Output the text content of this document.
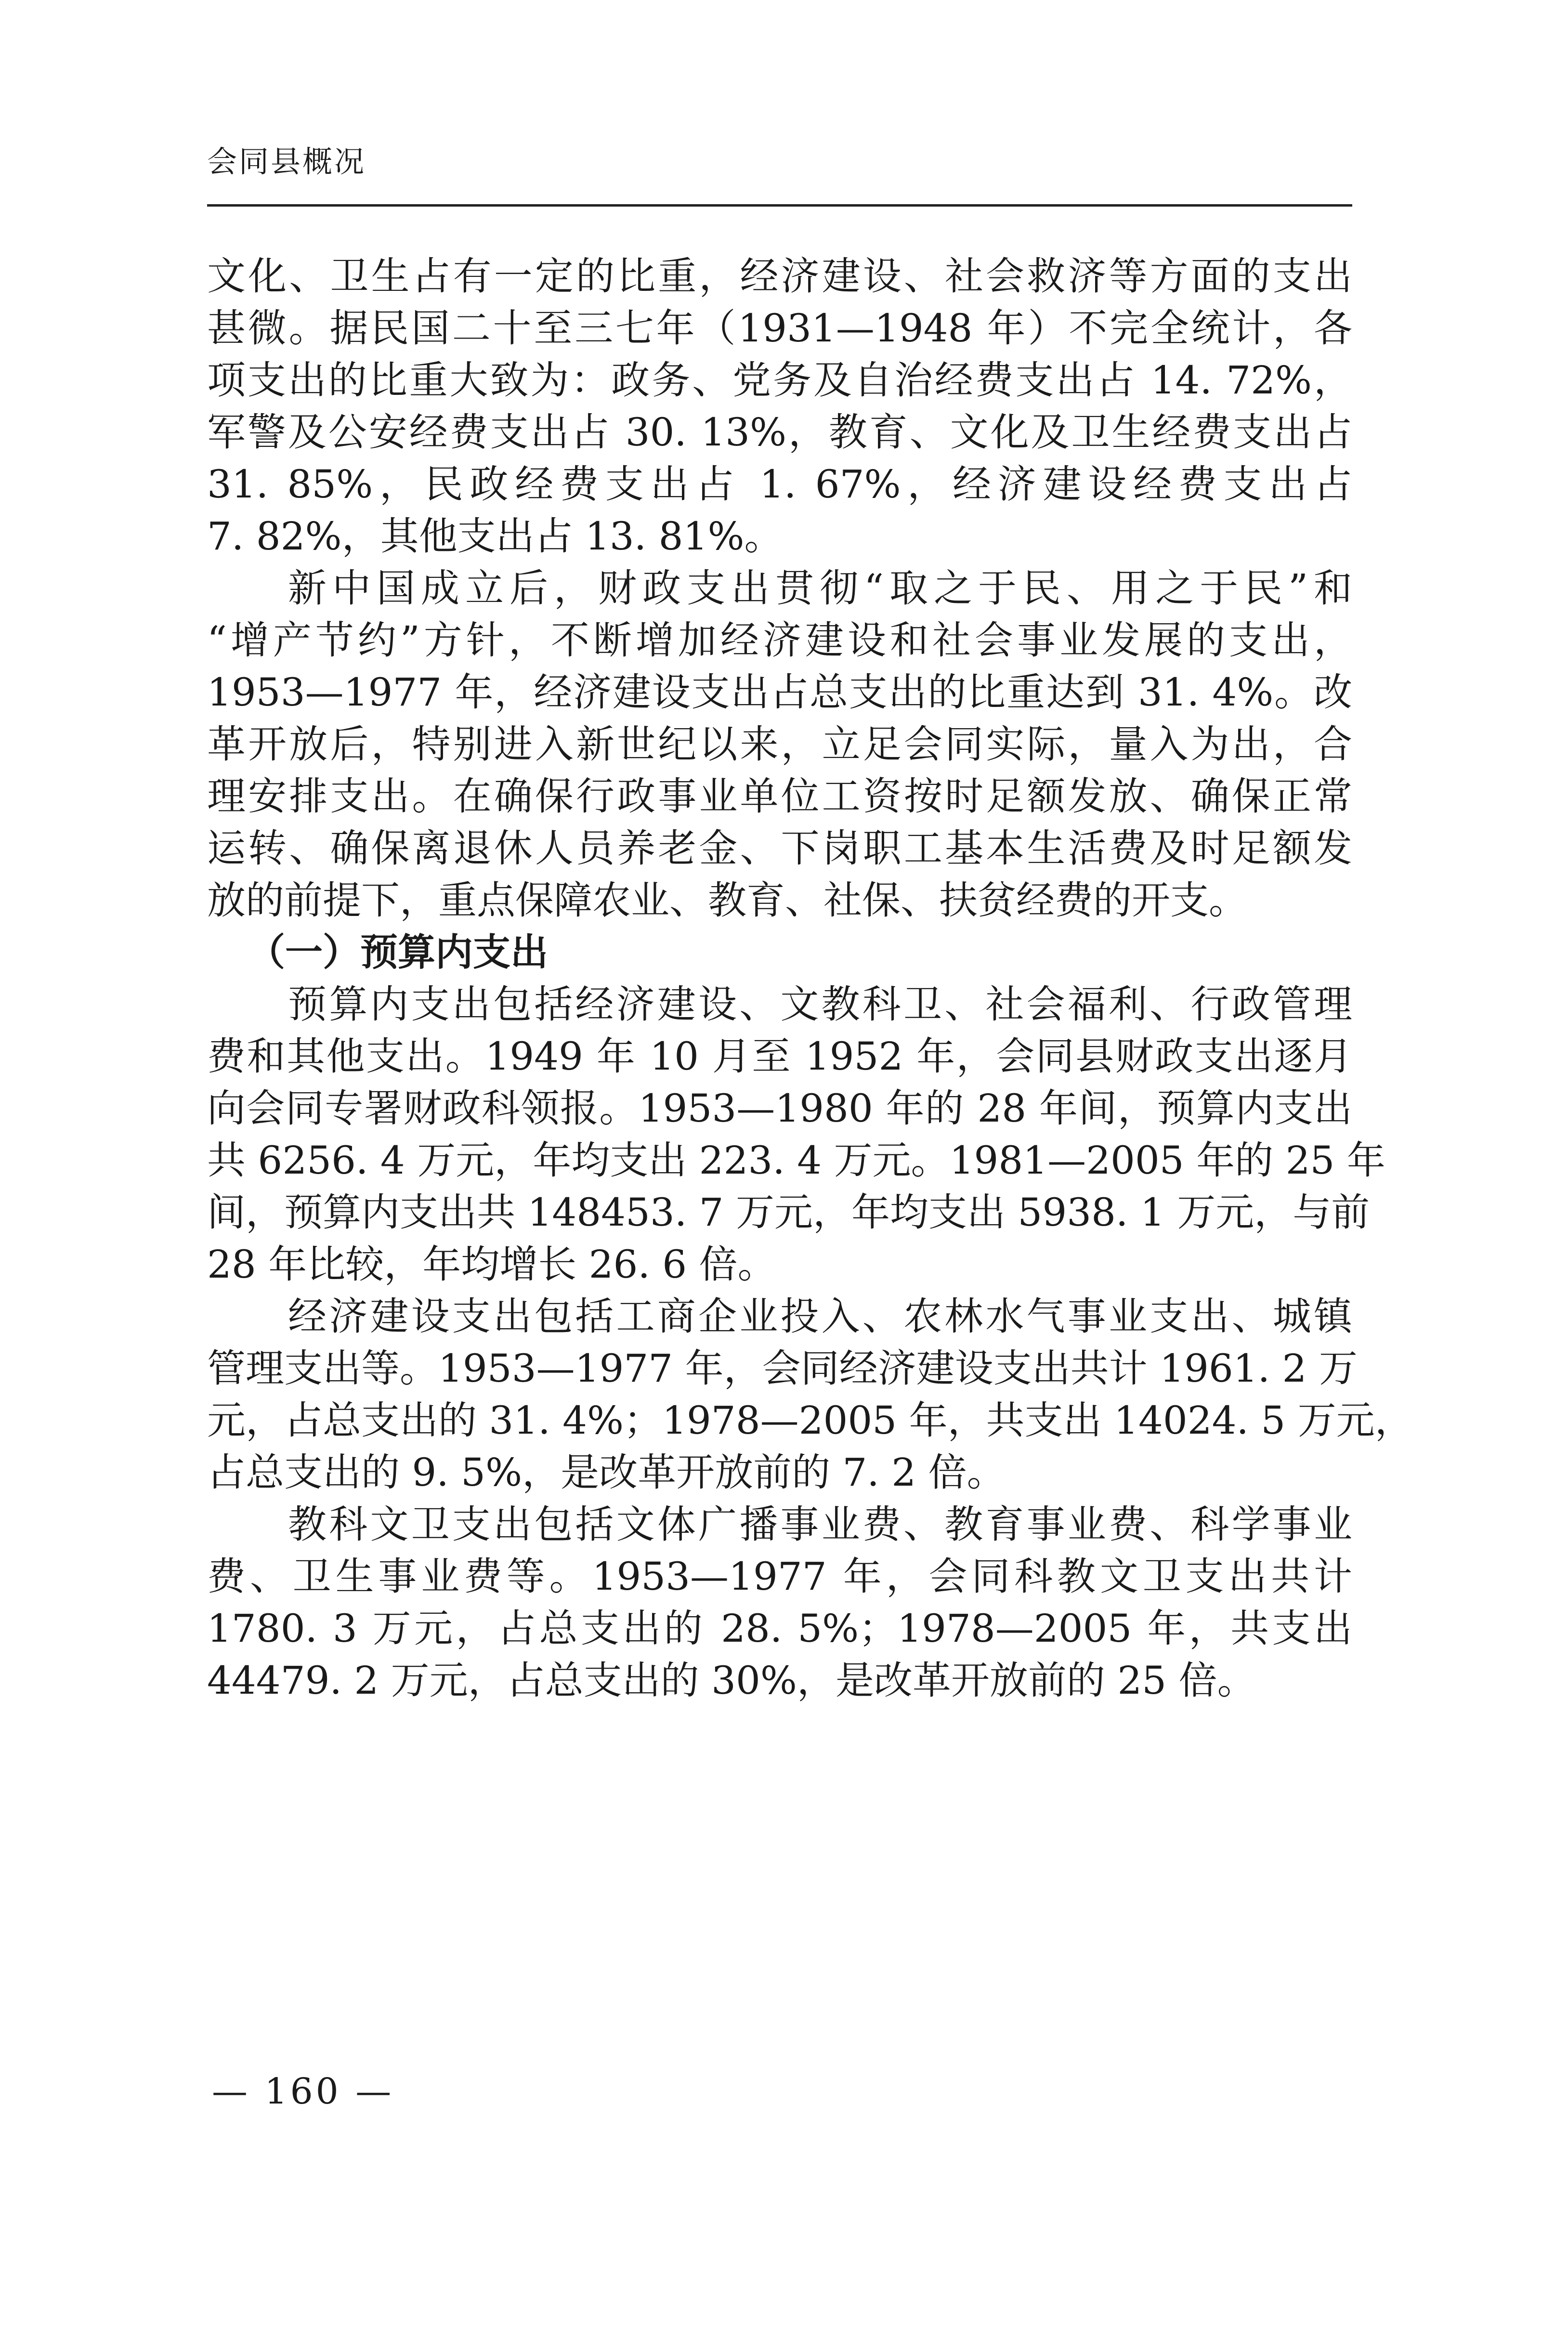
会同县概况
文化、卫生占有一定的比重，经济建设、社会救济等方面的支出
甚微。据民国二十至三七年（1931—1948 年）不完全统计，各
项支出的比重大致为：政务、党务及自治经费支出占 14. 72%，
军警及公安经费支出占 30. 13%，教育、文化及卫生经费支出占
31. 85%，民政经费支出占 1. 67%，经济建设经费支出占
7. 82%，其他支出占 13. 81%。
新中国成立后，财政支出贯彻“取之于民、用之于民”和
“增产节约”方针，不断增加经济建设和社会事业发展的支出，
1953—1977 年，经济建设支出占总支出的比重达到 31. 4%。改
革开放后，特别进入新世纪以来，立足会同实际，量入为出，合
理安排支出。在确保行政事业单位工资按时足额发放、确保正常
运转、确保离退休人员养老金、下岗职工基本生活费及时足额发
放的前提下，重点保障农业、教育、社保、扶贫经费的开支。
（一）预算内支出
预算内支出包括经济建设、文教科卫、社会福利、行政管理
费和其他支出。1949 年 10 月至 1952 年，会同县财政支出逐月
向会同专署财政科领报。1953—1980 年的 28 年间，预算内支出
共 6256. 4 万元，年均支出 223. 4 万元。1981—2005 年的 25 年
间，预算内支出共 148453. 7 万元，年均支出 5938. 1 万元，与前
28 年比较，年均增长 26. 6 倍。
经济建设支出包括工商企业投入、农林水气事业支出、城镇
管理支出等。1953—1977 年，会同经济建设支出共计 1961. 2 万
元，占总支出的 31. 4%；1978—2005 年，共支出 14024. 5 万元，
占总支出的 9. 5%，是改革开放前的 7. 2 倍。
教科文卫支出包括文体广播事业费、教育事业费、科学事业
费、卫生事业费等。1953—1977 年，会同科教文卫支出共计
1780. 3 万元，占总支出的 28. 5%；1978—2005 年，共支出
44479. 2 万元，占总支出的 30%，是改革开放前的 25 倍。
— 160 —
